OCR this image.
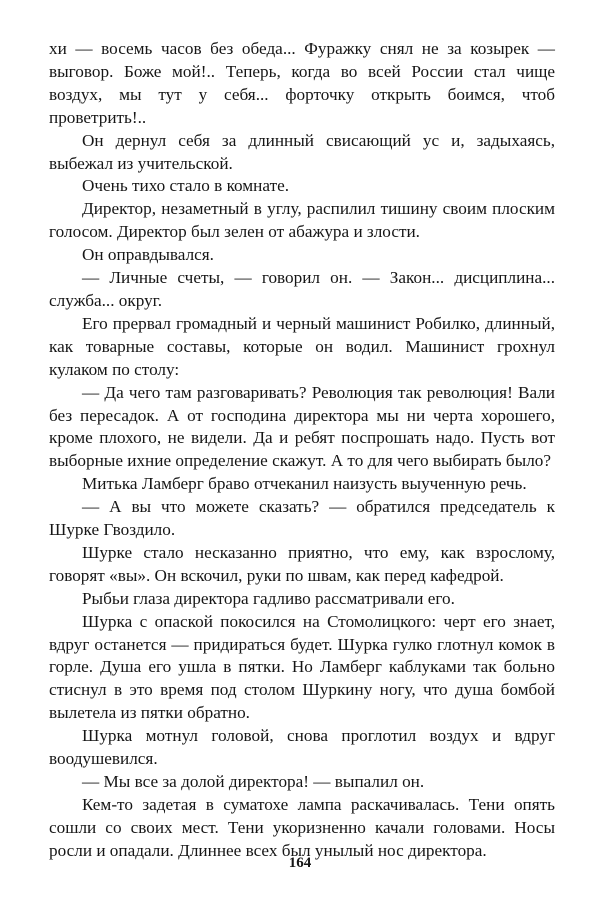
хи — восемь часов без обеда... Фуражку снял не за козырек — выговор. Боже мой!.. Теперь, когда во всей России стал чище воздух, мы тут у себя... форточку открыть боимся, чтоб проветрить!..

Он дернул себя за длинный свисающий ус и, задыхаясь, выбежал из учительской.

Очень тихо стало в комнате.

Директор, незаметный в углу, распилил тишину своим плоским голосом. Директор был зелен от абажура и злости.

Он оправдывался.

— Личные счеты, — говорил он. — Закон... дисциплина... служба... округ.

Его прервал громадный и черный машинист Робилко, длинный, как товарные составы, которые он водил. Машинист грохнул кулаком по столу:

— Да чего там разговаривать? Революция так революция! Вали без пересадок. А от господина директора мы ни черта хорошего, кроме плохого, не видели. Да и ребят поспрошать надо. Пусть вот выборные ихние определение скажут. А то для чего выбирать было?

Митька Ламберг браво отчеканил наизусть выученную речь.

— А вы что можете сказать? — обратился председатель к Шурке Гвоздило.

Шурке стало несказанно приятно, что ему, как взрослому, говорят «вы». Он вскочил, руки по швам, как перед кафедрой.

Рыбьи глаза директора гадливо рассматривали его.

Шурка с опаской покосился на Стомолицкого: черт его знает, вдруг останется — придираться будет. Шурка гулко глотнул комок в горле. Душа его ушла в пятки. Но Ламберг каблуками так больно стиснул в это время под столом Шуркину ногу, что душа бомбой вылетела из пятки обратно.

Шурка мотнул головой, снова проглотил воздух и вдруг воодушевился.

— Мы все за долой директора! — выпалил он.

Кем-то задетая в суматохе лампа раскачивалась. Тени опять сошли со своих мест. Тени укоризненно качали головами. Носы росли и опадали. Длиннее всех был унылый нос директора.

164
